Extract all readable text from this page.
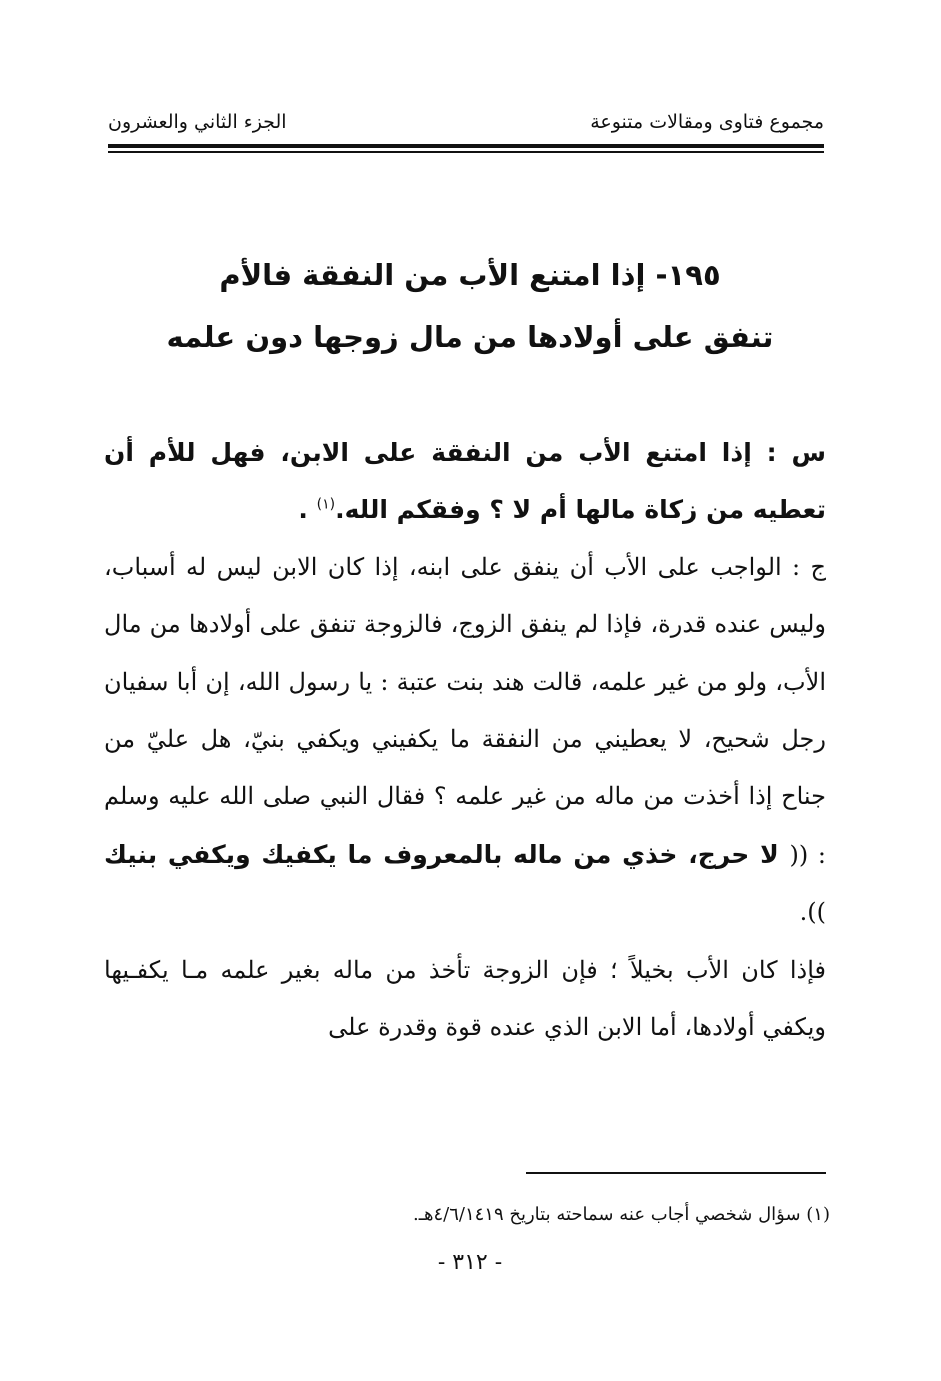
مجموع فتاوى ومقالات متنوعة
الجزء الثاني والعشرون
١٩٥- إذا امتنع الأب من النفقة فالأم
تنفق على أولادها من مال زوجها دون علمه

س : إذا امتنع الأب من النفقة على الابن، فهل للأم أن تعطيه من زكاة مالها أم لا ؟ وفقكم الله.$^{(١)}$ .

ج : الواجب على الأب أن ينفق على ابنه، إذا كان الابن ليس له أسباب، وليس عنده قدرة، فإذا لم ينفق الزوج، فالزوجة تنفق على أولادها من مال الأب، ولو من غير علمه، قالت هند بنت عتبة : يا رسول الله، إن أبا سفيان رجل شحيح، لا يعطيني من النفقة ما يكفيني ويكفي بنيّ، هل عليّ من جناح إذا أخذت من ماله من غير علمه ؟ فقال النبي صلى الله عليه وسلم : (( لا حرج، خذي من ماله بالمعروف ما يكفيك ويكفي بنيك )).

فإذا كان الأب بخيلاً ؛ فإن الزوجة تأخذ من ماله بغير علمه مـا يكفـيها ويكفي أولادها، أما الابن الذي عنده قوة وقدرة على

(١) سؤال شخصي أجاب عنه سماحته بتاريخ ٤/٦/١٤١٩هـ.
- ٣١٢ -
